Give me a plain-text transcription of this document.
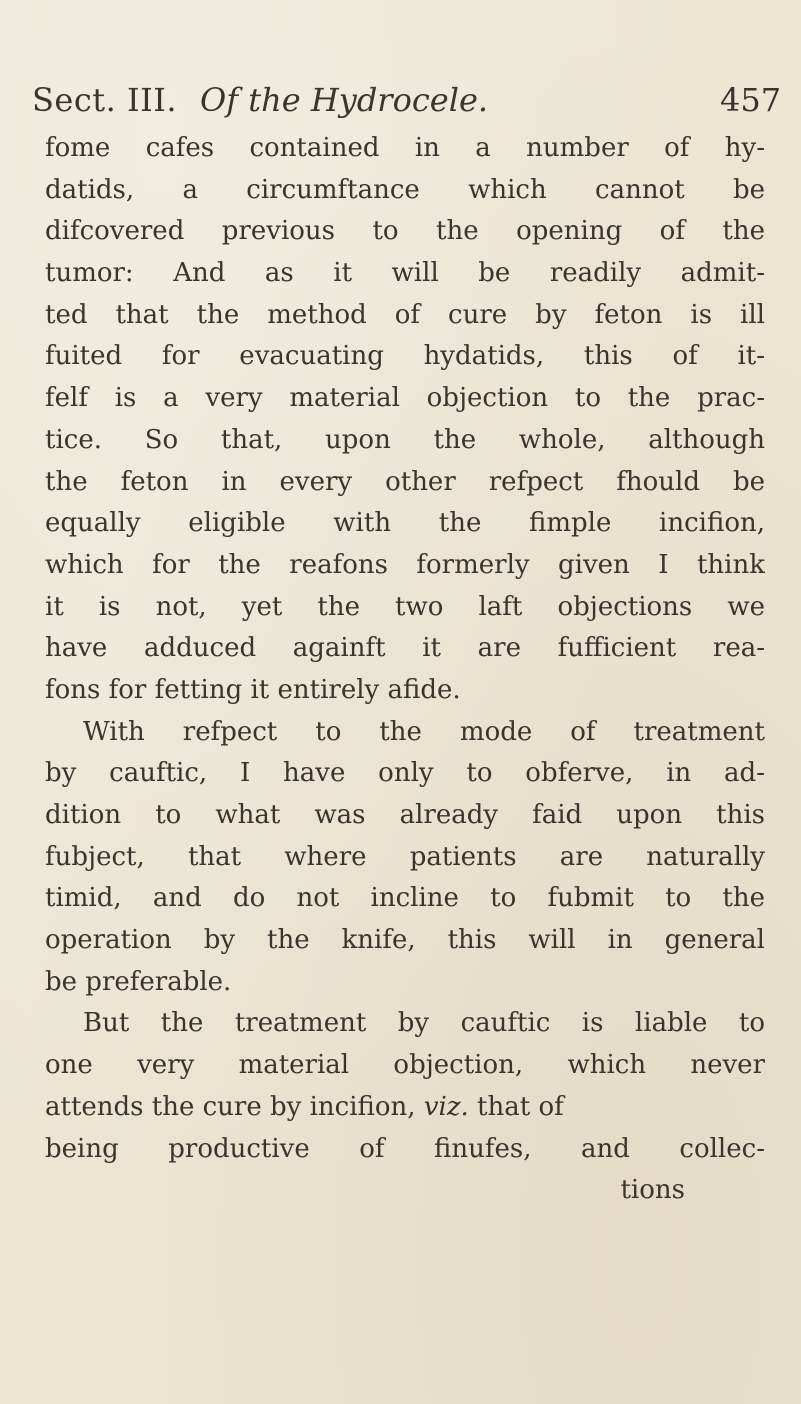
Sect. III. Of the Hydrocele.	457
fome cafes contained in a number of hy-
datids, a circumftance which cannot be
difcovered previous to the opening of the
tumor: And as it will be readily admit-
ted that the method of cure by feton is ill
fuited for evacuating hydatids, this of it-
felf is a very material objection to the prac-
tice. So that, upon the whole, although
the feton in every other refpect fhould be
equally eligible with the fimple incifion,
which for the reafons formerly given I think
it is not, yet the two laft objections we
have adduced againft it are fufficient rea-
fons for fetting it entirely afide.
With refpect to the mode of treatment
by cauftic, I have only to obferve, in ad-
dition to what was already faid upon this
fubject, that where patients are naturally
timid, and do not incline to fubmit to the
operation by the knife, this will in general
be preferable.
But the treatment by cauftic is liable to
one very material objection, which never
attends the cure by incifion, viz. that of
being productive of finufes, and collec-
tions
